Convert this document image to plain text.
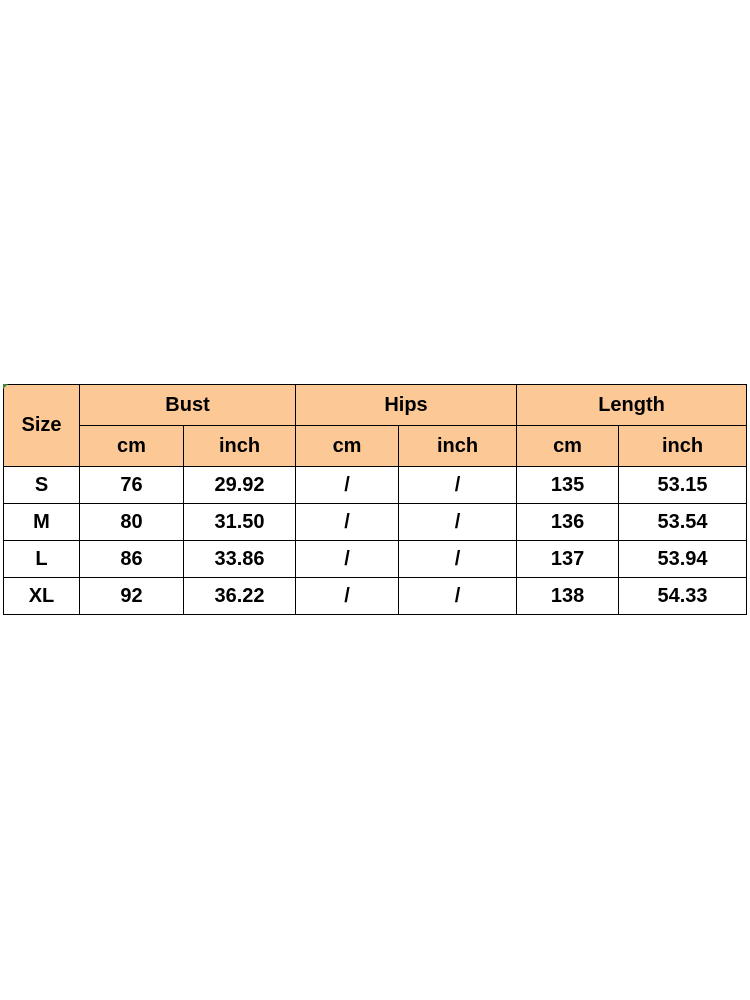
Size	Bust		Hips		Length	
	cm	inch	cm	inch	cm	inch
S	76	29.92	/	/	135	53.15
M	80	31.50	/	/	136	53.54
L	86	33.86	/	/	137	53.94
XL	92	36.22	/	/	138	54.33
